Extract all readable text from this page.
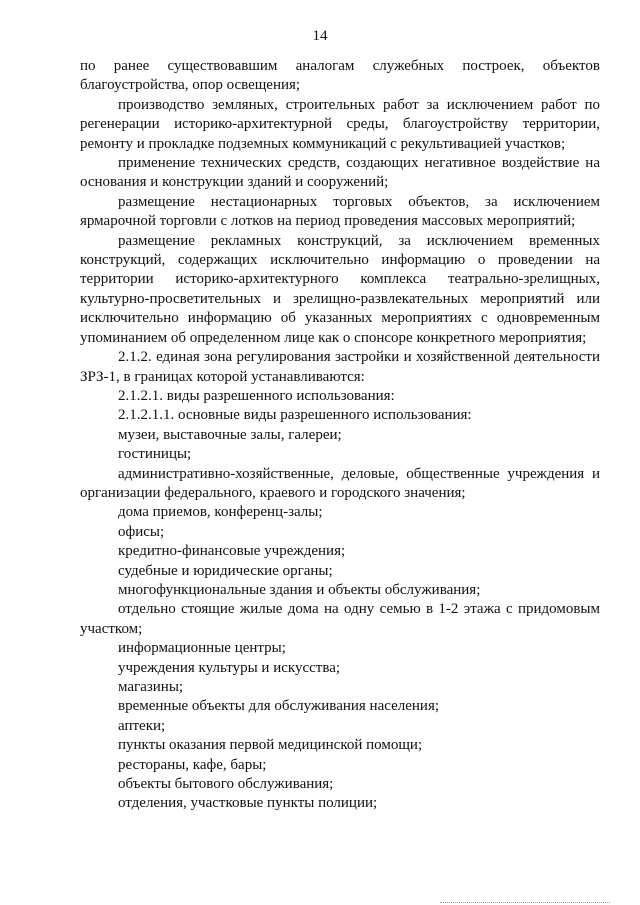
14

по ранее существовавшим аналогам служебных построек, объектов благоустройства, опор освещения;

производство земляных, строительных работ за исключением работ по регенерации историко-архитектурной среды, благоустройству территории, ремонту и прокладке подземных коммуникаций с рекультивацией участков;

применение технических средств, создающих негативное воздействие на основания и конструкции зданий и сооружений;

размещение нестационарных торговых объектов, за исключением ярмарочной торговли с лотков на период проведения массовых мероприятий;

размещение рекламных конструкций, за исключением временных конструкций, содержащих исключительно информацию о проведении на территории историко-архитектурного комплекса театрально-зрелищных, культурно-просветительных и зрелищно-развлекательных мероприятий или исключительно информацию об указанных мероприятиях с одновременным упоминанием об определенном лице как о спонсоре конкретного мероприятия;

2.1.2. единая зона регулирования застройки и хозяйственной деятельности ЗРЗ-1, в границах которой устанавливаются:

2.1.2.1. виды разрешенного использования:

2.1.2.1.1. основные виды разрешенного использования:

музеи, выставочные залы, галереи;

гостиницы;

административно-хозяйственные, деловые, общественные учреждения и организации федерального, краевого и городского значения;

дома приемов, конференц-залы;

офисы;

кредитно-финансовые учреждения;

судебные и юридические органы;

многофункциональные здания и объекты обслуживания;

отдельно стоящие жилые дома на одну семью в 1-2 этажа с придомовым участком;

информационные центры;

учреждения культуры и искусства;

магазины;

временные объекты для обслуживания населения;

аптеки;

пункты оказания первой медицинской помощи;

рестораны, кафе, бары;

объекты бытового обслуживания;

отделения, участковые пункты полиции;
